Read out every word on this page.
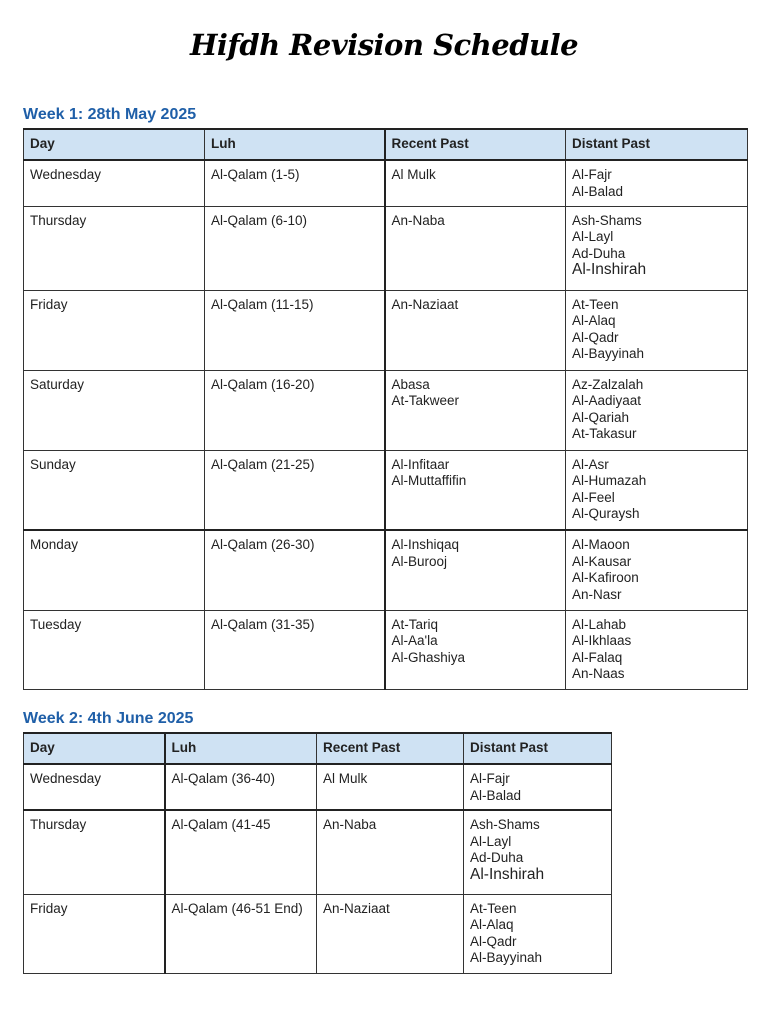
Hifdh Revision Schedule
Week 1: 28th May 2025
Day	Luh	Recent Past	Distant Past
Wednesday	Al-Qalam (1-5)	Al Mulk	Al-Fajr
Al-Balad

Thursday	Al-Qalam (6-10)	An-Naba	Ash-Shams
Al-Layl
Ad-Duha
Al-Inshirah

Friday	Al-Qalam (11-15)	An-Naziaat	At-Teen
Al-Alaq
Al-Qadr
Al-Bayyinah

Saturday	Al-Qalam (16-20)	Abasa
At-Takweer	Az-Zalzalah
Al-Aadiyaat
Al-Qariah
At-Takasur

Sunday	Al-Qalam (21-25)	Al-Infitaar
Al-Muttaffifin	Al-Asr
Al-Humazah
Al-Feel
Al-Quraysh

Monday	Al-Qalam (26-30)	Al-Inshiqaq
Al-Burooj	Al-Maoon
Al-Kausar
Al-Kafiroon
An-Nasr

Tuesday	Al-Qalam (31-35)	At-Tariq
Al-Aa'la
Al-Ghashiya	Al-Lahab
Al-Ikhlaas
Al-Falaq
An-Naas
Week 2: 4th June 2025
Day	Luh	Recent Past	Distant Past
Wednesday	Al-Qalam (36-40)	Al Mulk	Al-Fajr
Al-Balad

Thursday	Al-Qalam (41-45	An-Naba	Ash-Shams
Al-Layl
Ad-Duha
Al-Inshirah

Friday	Al-Qalam (46-51 End)	An-Naziaat	At-Teen
Al-Alaq
Al-Qadr
Al-Bayyinah
